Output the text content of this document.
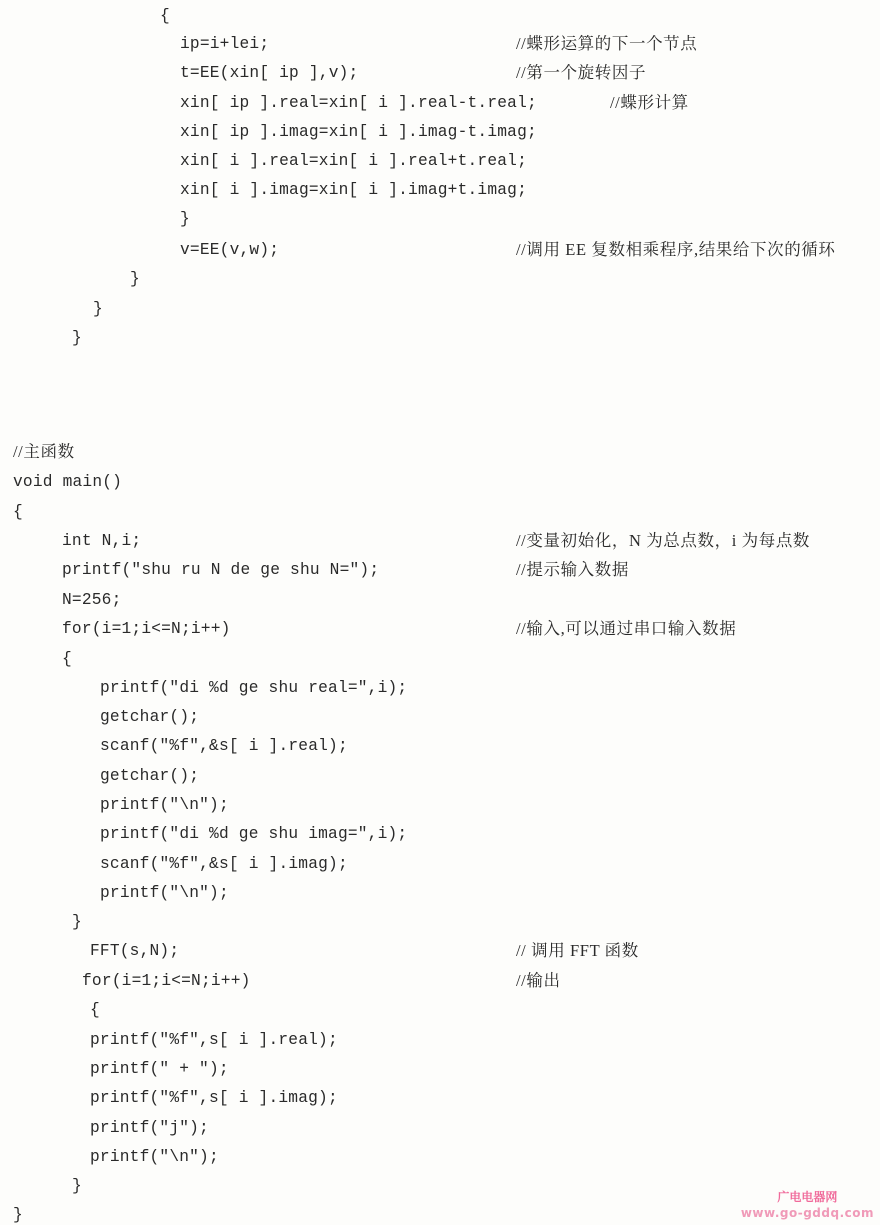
{
ip=i+lei;	//蝶形运算的下一个节点
t=EE(xin[ ip ],v);	//第一个旋转因子
xin[ ip ].real=xin[ i ].real-t.real;	//蝶形计算
xin[ ip ].imag=xin[ i ].imag-t.imag;
xin[ i ].real=xin[ i ].real+t.real;
xin[ i ].imag=xin[ i ].imag+t.imag;
}
v=EE(v,w);	//调用 EE 复数相乘程序,结果给下次的循环
}
}
}
//主函数
void main()
{
int N,i;	//变量初始化，N 为总点数，i 为每点数
printf("shu ru N de ge shu N=");	//提示输入数据
N=256;
for(i=1;i<=N;i++)	//输入,可以通过串口输入数据
{
printf("di %d ge shu real=",i);
getchar();
scanf("%f",&s[ i ].real);
getchar();
printf("\n");
printf("di %d ge shu imag=",i);
scanf("%f",&s[ i ].imag);
printf("\n");
}
FFT(s,N);	// 调用 FFT 函数
for(i=1;i<=N;i++)	//输出
{
printf("%f",s[ i ].real);
printf(" + ");
printf("%f",s[ i ].imag);
printf("j");
printf("\n");
}
}
广电电器网
www.go-gddq.com
